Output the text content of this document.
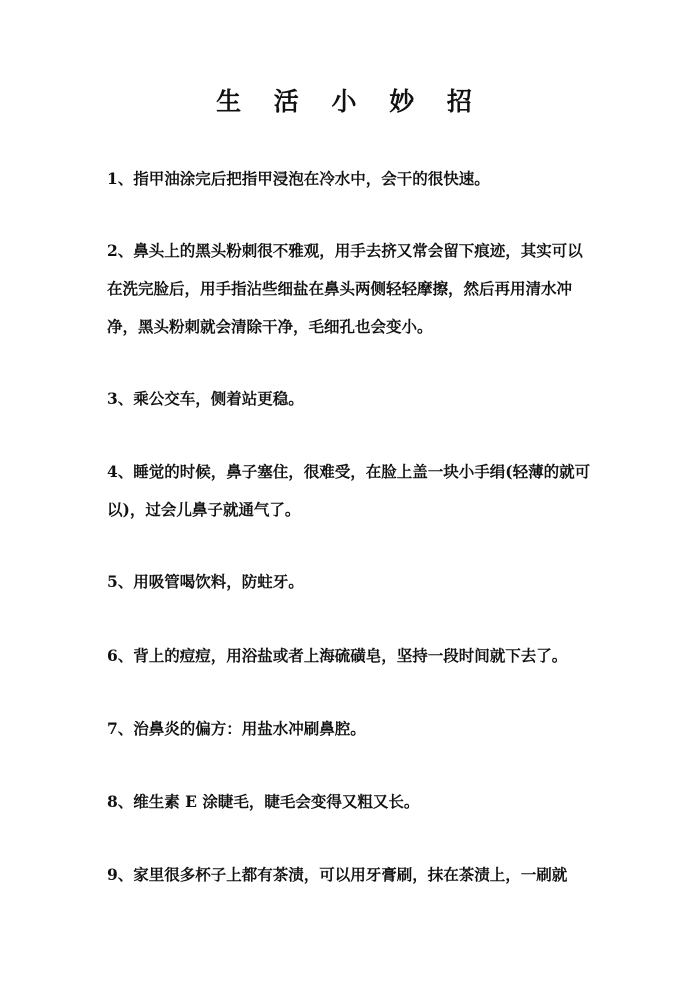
生 活 小 妙 招

1、指甲油涂完后把指甲浸泡在冷水中，会干的很快速。

2、鼻头上的黑头粉刺很不雅观，用手去挤又常会留下痕迹，其实可以在洗完脸后，用手指沾些细盐在鼻头两侧轻轻摩擦，然后再用清水冲净，黑头粉刺就会清除干净，毛细孔也会变小。

3、乘公交车，侧着站更稳。

4、睡觉的时候，鼻子塞住，很难受，在脸上盖一块小手绢(轻薄的就可以)，过会儿鼻子就通气了。

5、用吸管喝饮料，防蛀牙。

6、背上的痘痘，用浴盐或者上海硫磺皂，坚持一段时间就下去了。

7、治鼻炎的偏方：用盐水冲刷鼻腔。

8、维生素 E 涂睫毛，睫毛会变得又粗又长。

9、家里很多杯子上都有茶渍，可以用牙膏刷，抹在茶渍上，一刷就
